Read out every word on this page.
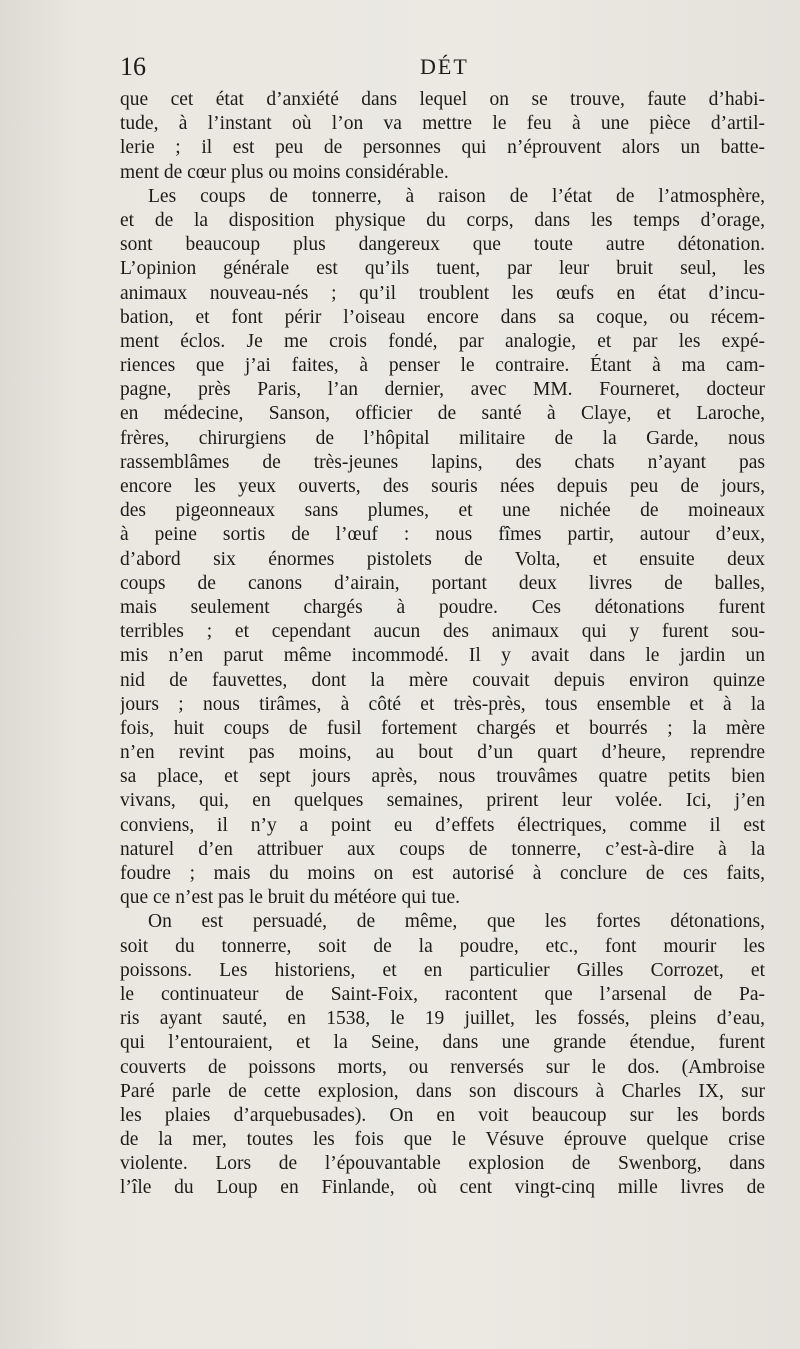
16	DÉT
que cet état d’anxiété dans lequel on se trouve, faute d’habi-
tude, à l’instant où l’on va mettre le feu à une pièce d’artil-
lerie ; il est peu de personnes qui n’éprouvent alors un batte-
ment de cœur plus ou moins considérable.
Les coups de tonnerre, à raison de l’état de l’atmosphère,
et de la disposition physique du corps, dans les temps d’orage,
sont beaucoup plus dangereux que toute autre détonation.
L’opinion générale est qu’ils tuent, par leur bruit seul, les
animaux nouveau-nés ; qu’il troublent les œufs en état d’incu-
bation, et font périr l’oiseau encore dans sa coque, ou récem-
ment éclos. Je me crois fondé, par analogie, et par les expé-
riences que j’ai faites, à penser le contraire. Étant à ma cam-
pagne, près Paris, l’an dernier, avec MM. Fourneret, docteur
en médecine, Sanson, officier de santé à Claye, et Laroche,
frères, chirurgiens de l’hôpital militaire de la Garde, nous
rassemblâmes de très-jeunes lapins, des chats n’ayant pas
encore les yeux ouverts, des souris nées depuis peu de jours,
des pigeonneaux sans plumes, et une nichée de moineaux
à peine sortis de l’œuf : nous fîmes partir, autour d’eux,
d’abord six énormes pistolets de Volta, et ensuite deux
coups de canons d’airain, portant deux livres de balles,
mais seulement chargés à poudre. Ces détonations furent
terribles ; et cependant aucun des animaux qui y furent sou-
mis n’en parut même incommodé. Il y avait dans le jardin un
nid de fauvettes, dont la mère couvait depuis environ quinze
jours ; nous tirâmes, à côté et très-près, tous ensemble et à la
fois, huit coups de fusil fortement chargés et bourrés ; la mère
n’en revint pas moins, au bout d’un quart d’heure, reprendre
sa place, et sept jours après, nous trouvâmes quatre petits bien
vivans, qui, en quelques semaines, prirent leur volée. Ici, j’en
conviens, il n’y a point eu d’effets électriques, comme il est
naturel d’en attribuer aux coups de tonnerre, c’est-à-dire à la
foudre ; mais du moins on est autorisé à conclure de ces faits,
que ce n’est pas le bruit du météore qui tue.
On est persuadé, de même, que les fortes détonations,
soit du tonnerre, soit de la poudre, etc., font mourir les
poissons. Les historiens, et en particulier Gilles Corrozet, et
le continuateur de Saint-Foix, racontent que l’arsenal de Pa-
ris ayant sauté, en 1538, le 19 juillet, les fossés, pleins d’eau,
qui l’entouraient, et la Seine, dans une grande étendue, furent
couverts de poissons morts, ou renversés sur le dos. (Ambroise
Paré parle de cette explosion, dans son discours à Charles IX, sur
les plaies d’arquebusades). On en voit beaucoup sur les bords
de la mer, toutes les fois que le Vésuve éprouve quelque crise
violente. Lors de l’épouvantable explosion de Swenborg, dans
l’île du Loup en Finlande, où cent vingt-cinq mille livres de
